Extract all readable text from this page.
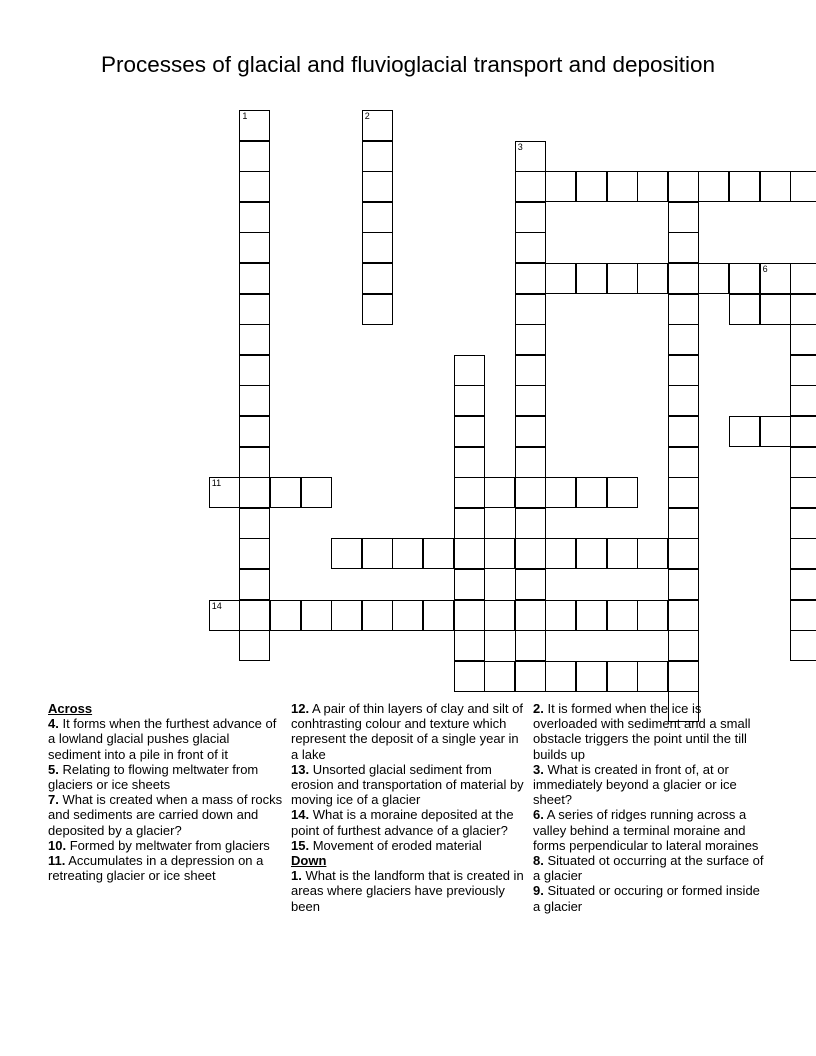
Processes of glacial and fluvioglacial transport and deposition
1	2
3
6
11
14
Across
4. It forms when the furthest advance of a lowland glacial pushes glacial sediment into a pile in front of it
5. Relating to flowing meltwater from glaciers or ice sheets
7. What is created when a mass of rocks and sediments are carried down and deposited by a glacier?
10. Formed by meltwater from glaciers
11. Accumulates in a depression on a retreating glacier or ice sheet
12. A pair of thin layers of clay and silt of conhtrasting colour and texture which represent the deposit of a single year in a lake
13. Unsorted glacial sediment from erosion and transportation of material by moving ice of a glacier
14. What is a moraine deposited at the point of furthest advance of a glacier?
15. Movement of eroded material
Down
1. What is the landform that is created in areas where glaciers have previously been
2. It is formed when the ice is overloaded with sediment and a small obstacle triggers the point until the till builds up
3. What is created in front of, at or immediately beyond a glacier or ice sheet?
6. A series of ridges running across a valley behind a terminal moraine and forms perpendicular to lateral moraines
8. Situated ot occurring at the surface of a glacier
9. Situated or occuring or formed inside a glacier
